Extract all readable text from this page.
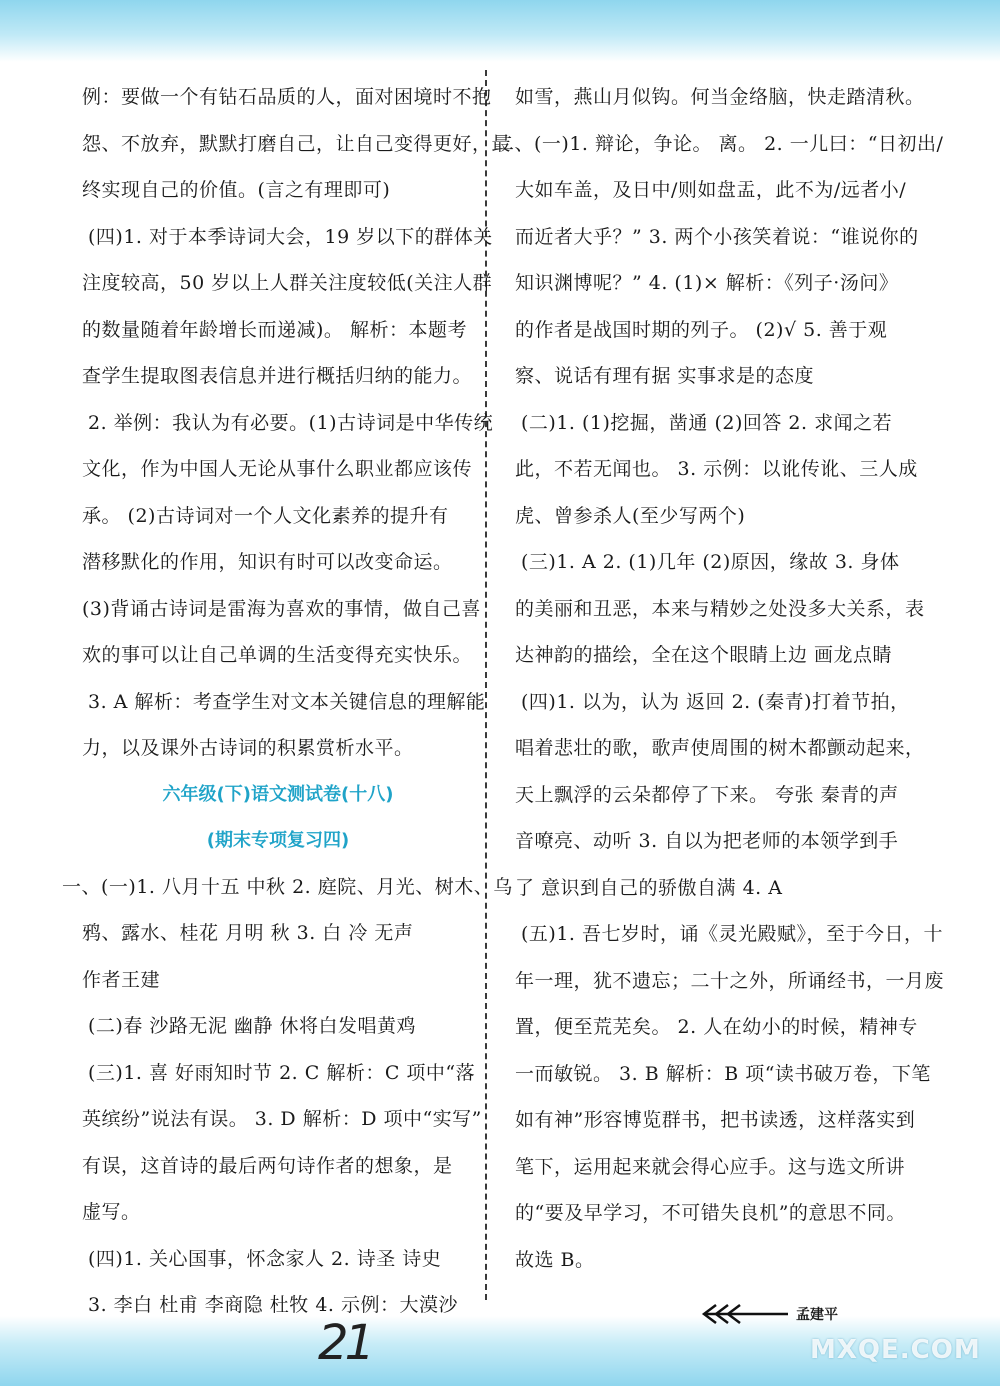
例：要做一个有钻石品质的人，面对困境时不抱
怨、不放弃，默默打磨自己，让自己变得更好，最
终实现自己的价值。(言之有理即可)
(四)1. 对于本季诗词大会，19 岁以下的群体关
注度较高，50 岁以上人群关注度较低(关注人群
的数量随着年龄增长而递减)。 解析：本题考
查学生提取图表信息并进行概括归纳的能力。
2. 举例：我认为有必要。(1)古诗词是中华传统
文化，作为中国人无论从事什么职业都应该传
承。 (2)古诗词对一个人文化素养的提升有
潜移默化的作用，知识有时可以改变命运。
(3)背诵古诗词是雷海为喜欢的事情，做自己喜
欢的事可以让自己单调的生活变得充实快乐。
3. A 解析：考查学生对文本关键信息的理解能
力，以及课外古诗词的积累赏析水平。
六年级(下)语文测试卷(十八)
(期末专项复习四)
一、(一)1. 八月十五 中秋 2. 庭院、月光、树木、乌
鸦、露水、桂花 月明 秋 3. 白 冷 无声
作者王建
(二)春 沙路无泥 幽静 休将白发唱黄鸡
(三)1. 喜 好雨知时节 2. C 解析：C 项中“落
英缤纷”说法有误。 3. D 解析：D 项中“实写”
有误，这首诗的最后两句诗作者的想象，是
虚写。
(四)1. 关心国事，怀念家人 2. 诗圣 诗史
3. 李白 杜甫 李商隐 杜牧 4. 示例：大漠沙
如雪，燕山月似钩。何当金络脑，快走踏清秋。
二、(一)1. 辩论，争论。 离。 2. 一儿曰：“日初出/
大如车盖，及日中/则如盘盂，此不为/远者小/
而近者大乎？” 3. 两个小孩笑着说：“谁说你的
知识渊博呢？” 4. (1)× 解析：《列子·汤问》
的作者是战国时期的列子。 (2)√ 5. 善于观
察、说话有理有据 实事求是的态度
(二)1. (1)挖掘，凿通 (2)回答 2. 求闻之若
此，不若无闻也。 3. 示例：以讹传讹、三人成
虎、曾参杀人(至少写两个)
(三)1. A 2. (1)几年 (2)原因，缘故 3. 身体
的美丽和丑恶，本来与精妙之处没多大关系，表
达神韵的描绘，全在这个眼睛上边 画龙点睛
(四)1. 以为，认为 返回 2. (秦青)打着节拍，
唱着悲壮的歌，歌声使周围的树木都颤动起来，
天上飘浮的云朵都停了下来。 夸张 秦青的声
音嘹亮、动听 3. 自以为把老师的本领学到手
了 意识到自己的骄傲自满 4. A
(五)1. 吾七岁时，诵《灵光殿赋》，至于今日，十
年一理，犹不遗忘；二十之外，所诵经书，一月废
置，便至荒芜矣。 2. 人在幼小的时候，精神专
一而敏锐。 3. B 解析：B 项“读书破万卷，下笔
如有神”形容博览群书，把书读透，这样落实到
笔下，运用起来就会得心应手。这与选文所讲
的“要及早学习，不可错失良机”的意思不同。
故选 B。
21	孟建平
MXQE.COM
